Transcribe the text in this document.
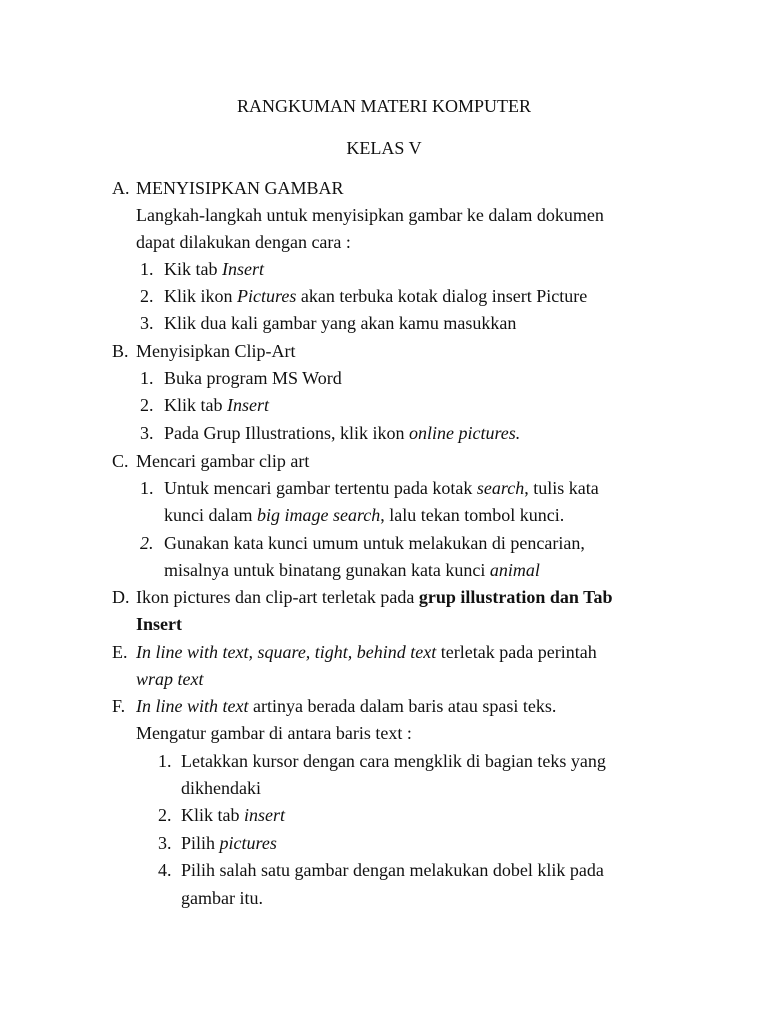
RANGKUMAN MATERI KOMPUTER
KELAS V
A. MENYISIPKAN GAMBAR
Langkah-langkah untuk menyisipkan gambar ke dalam dokumen
dapat dilakukan dengan cara :
1. Kik tab Insert
2. Klik ikon Pictures akan terbuka kotak dialog insert Picture
3. Klik dua kali gambar yang akan kamu masukkan
B. Menyisipkan Clip-Art
1. Buka program MS Word
2. Klik tab Insert
3. Pada Grup Illustrations, klik ikon online pictures.
C. Mencari gambar clip art
1. Untuk mencari gambar tertentu pada kotak search, tulis kata
kunci dalam big image search, lalu tekan tombol kunci.
2. Gunakan kata kunci umum untuk melakukan di pencarian,
misalnya untuk binatang gunakan kata kunci animal
D. Ikon pictures dan clip-art terletak pada grup illustration dan Tab
Insert
E. In line with text, square, tight, behind text terletak pada perintah
wrap text
F. In line with text artinya berada dalam baris atau spasi teks.
Mengatur gambar di antara baris text :
1. Letakkan kursor dengan cara mengklik di bagian teks yang
dikhendaki
2. Klik tab insert
3. Pilih pictures
4. Pilih salah satu gambar dengan melakukan dobel klik pada
gambar itu.
